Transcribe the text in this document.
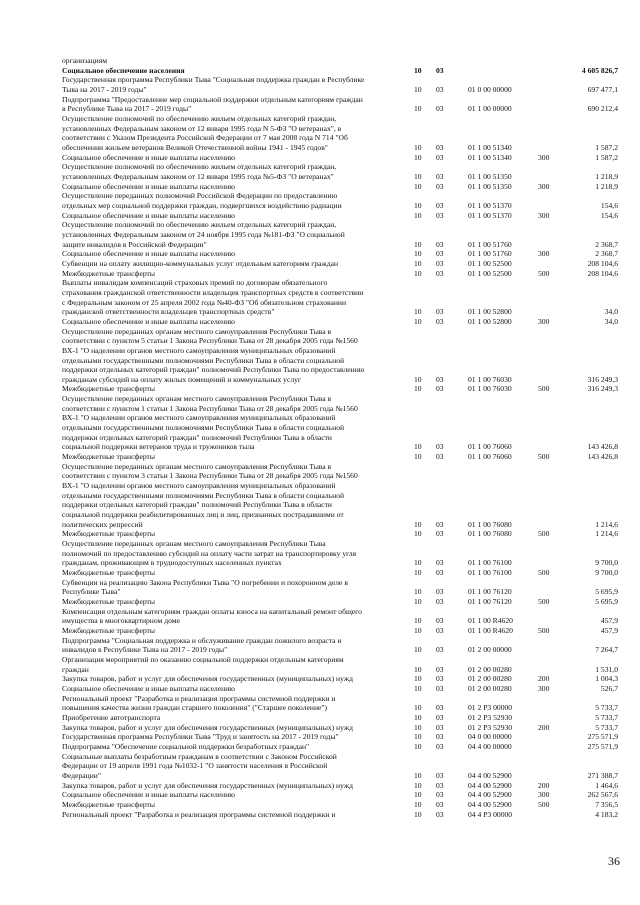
организациям
Социальное обеспечение населения	10	03	4 605 826,7
Государственная программа Республики Тыва "Социальная поддержка граждан в Республике
Тыва на 2017 - 2019 годы"	10	03	01 0 00 00000	697 477,1
Подпрограмма "Предоставление мер социальной поддержки отдельным категориям граждан
в Республике Тыва на 2017 - 2019 годы"	10	03	01 1 00 00000	690 212,4
Осуществление полномочий по обеспечению жильем отдельных категорий граждан,
установленных Федеральным законом от 12 января 1995 года N 5-ФЗ "О ветеранах", в
соответствии с Указом Президента Российской Федерации от 7 мая 2008 года N 714 "Об
обеспечении жильем ветеранов Великой Отечественной войны 1941 - 1945 годов"	10	03	01 1 00 51340	1 587,2
Социальное обеспечение и иные выплаты населению	10	03	01 1 00 51340	300	1 587,2
Осуществление полномочий по обеспечению жильем отдельных категорий граждан,
установленных Федеральным законом от 12 января 1995 года №5-ФЗ "О ветеранах"	10	03	01 1 00 51350	1 218,9
Социальное обеспечение и иные выплаты населению	10	03	01 1 00 51350	300	1 218,9
Осуществление переданных полномочий Российской Федерации по предоставлению
отдельных мер социальной поддержки граждан, подвергшихся воздействию радиации	10	03	01 1 00 51370	154,6
Социальное обеспечение и иные выплаты населению	10	03	01 1 00 51370	300	154,6
Осуществление полномочий по обеспечению жильем отдельных категорий граждан,
установленных Федеральным законом от 24 ноября 1995 года №181-ФЗ "О социальной
защите инвалидов в Российской Федерации"	10	03	01 1 00 51760	2 368,7
Социальное обеспечение и иные выплаты населению	10	03	01 1 00 51760	300	2 368,7
Субвенции на оплату жилищно-коммунальных услуг отдельным категориям граждан	10	03	01 1 00 52500	208 104,6
Межбюджетные трансферты	10	03	01 1 00 52500	500	208 104,6
Выплаты инвалидам компенсаций страховых премий по договорам обязательного
страхования гражданской ответственности владельцев транспортных средств в соответствии
с Федеральным законом от 25 апреля 2002 года №40-ФЗ "Об обязательном страховании
гражданской ответственности владельцев транспортных средств"	10	03	01 1 00 52800	34,0
Социальное обеспечение и иные выплаты населению	10	03	01 1 00 52800	300	34,0
Осуществление переданных органам местного самоуправления Республики Тыва в
соответствии с пунктом 5 статьи 1 Закона Республики Тыва от 28 декабря 2005 года №1560
ВХ-1 "О наделении органов местного самоуправления муниципальных образований
отдельными государственными полномочиями Республики Тыва в области социальной
поддержки отдельных категорий граждан" полномочий Республики Тыва по предоставлению
гражданам субсидий на оплату жилых помещений и коммунальных услуг	10	03	01 1 00 76030	316 249,3
Межбюджетные трансферты	10	03	01 1 00 76030	500	316 249,3
Осуществление переданных органам местного самоуправления Республики Тыва в
соответствии с пунктом 1 статьи 1 Закона Республики Тыва от 28 декабря 2005 года №1560
ВХ-1 "О наделении органов местного самоуправления муниципальных образований
отдельными государственными полномочиями Республики Тыва в области социальной
поддержки отдельных категорий граждан" полномочий Республики Тыва в области
социальной поддержки ветеранов труда и тружеников тыла	10	03	01 1 00 76060	143 426,8
Межбюджетные трансферты	10	03	01 1 00 76060	500	143 426,8
Осуществление переданных органам местного самоуправления Республики Тыва в
соответствии с пунктом 3 статьи 1 Закона Республики Тыва от 28 декабря 2005 года №1560
ВХ-1 "О наделении органов местного самоуправления муниципальных образований
отдельными государственными полномочиями Республики Тыва в области социальной
поддержки отдельных категорий граждан" полномочий Республики Тыва в области
социальной поддержки реабилитированных лиц и лиц, признанных пострадавшими от
политических репрессий	10	03	01 1 00 76080	1 214,6
Межбюджетные трансферты	10	03	01 1 00 76080	500	1 214,6
Осуществление переданных органам местного самоуправления Республики Тыва
полномочий по предоставлению субсидий на оплату части затрат на транспортировку угля
гражданам, проживающим в труднодоступных населенных пунктах	10	03	01 1 00 76100	9 700,0
Межбюджетные трансферты	10	03	01 1 00 76100	500	9 700,0
Субвенции на реализацию Закона Республики Тыва "О погребении и похоронном деле в
Республике Тыва"	10	03	01 1 00 76120	5 695,9
Межбюджетные трансферты	10	03	01 1 00 76120	500	5 695,9
Компенсация отдельным категориям граждан оплаты взноса на капитальный ремонт общего
имущества в многоквартирном доме	10	03	01 1 00 R4620	457,9
Межбюджетные трансферты	10	03	01 1 00 R4620	500	457,9
Подпрограмма "Социальная поддержка и обслуживание граждан пожилого возраста и
инвалидов в Республике Тыва на 2017 - 2019 годы"	10	03	01 2 00 00000	7 264,7
Организация мероприятий по оказанию социальной поддержки отдельным категориям
граждан	10	03	01 2 00 00280	1 531,0
Закупка товаров, работ и услуг для обеспечения государственных (муниципальных) нужд	10	03	01 2 00 00280	200	1 004,3
Социальное обеспечение и иные выплаты населению	10	03	01 2 00 00280	300	526,7
Региональный проект "Разработка и реализация программы системной поддержки и
повышения качества жизни граждан старшего поколения" ("Старшее поколение")	10	03	01 2 P3 00000	5 733,7
Приобретение автотранспорта	10	03	01 2 P3 52930	5 733,7
Закупка товаров, работ и услуг для обеспечения государственных (муниципальных) нужд	10	03	01 2 P3 52930	200	5 733,7
Государственная программа Республики Тыва "Труд и занятость на 2017 - 2019 годы"	10	03	04 0 00 00000	275 571,9
Подпрограмма "Обеспечение социальной поддержки безработных граждан"	10	03	04 4 00 00000	275 571,9
Социальные выплаты безработным гражданам в соответствии с Законом Российской
Федерации от 19 апреля 1991 года №1032-1 "О занятости населения в Российской
Федерации"	10	03	04 4 00 52900	271 388,7
Закупка товаров, работ и услуг для обеспечения государственных (муниципальных) нужд	10	03	04 4 00 52900	200	1 464,6
Социальное обеспечение и иные выплаты населению	10	03	04 4 00 52900	300	262 567,6
Межбюджетные трансферты	10	03	04 4 00 52900	500	7 356,5
Региональный проект "Разработка и реализация программы системной поддержки и	10	03	04 4 P3 00000	4 183,2
36
